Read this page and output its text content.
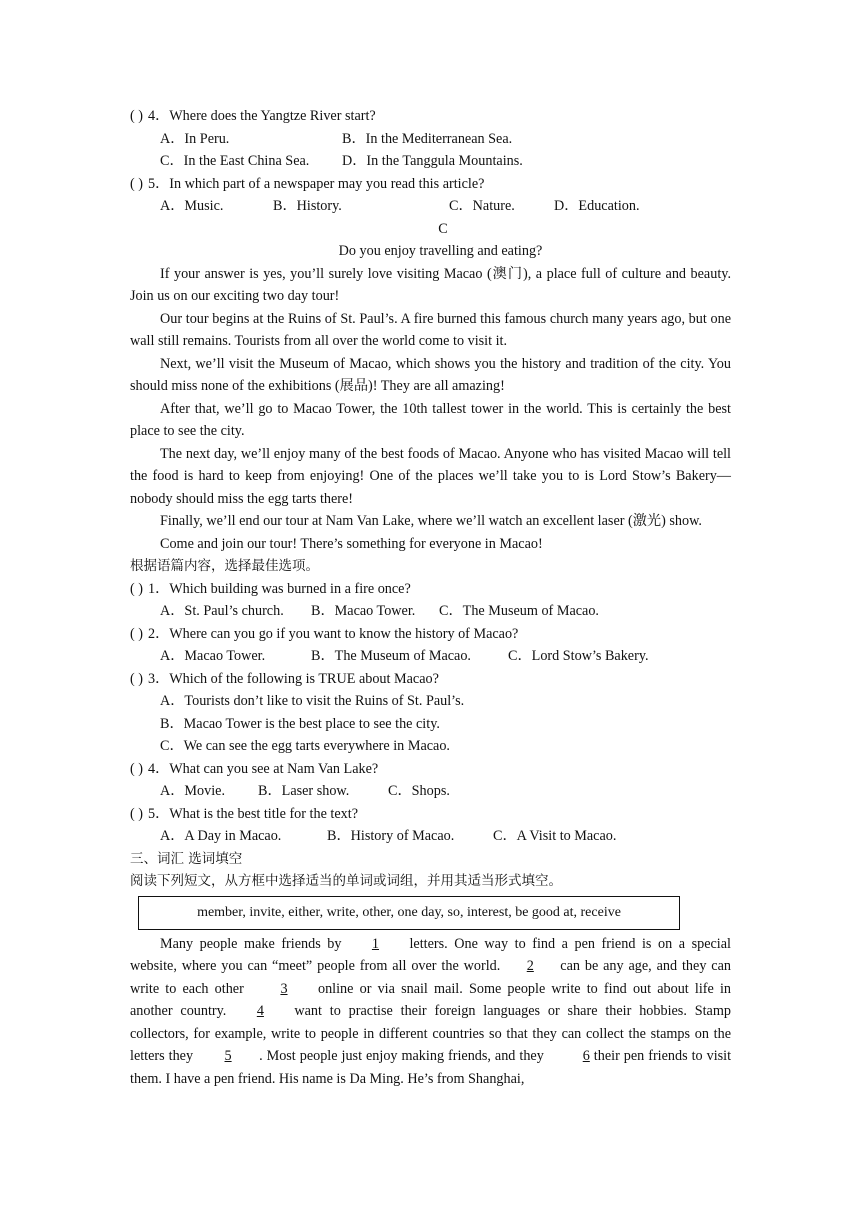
( ) 4．Where does the Yangtze River start?
A．In Peru.	B．In the Mediterranean Sea.
C．In the East China Sea.	D．In the Tanggula Mountains.
( ) 5．In which part of a newspaper may you read this article?
A．Music.	B．History.	C．Nature.	D．Education.
C
Do you enjoy travelling and eating?
If your answer is yes, you’ll surely love visiting Macao (澳门), a place full of culture and beauty. Join us on our exciting two day tour!
Our tour begins at the Ruins of St. Paul’s. A fire burned this famous church many years ago, but one wall still remains. Tourists from all over the world come to visit it.
Next, we’ll visit the Museum of Macao, which shows you the history and tradition of the city. You should miss none of the exhibitions (展品)! They are all amazing!
After that, we’ll go to Macao Tower, the 10th tallest tower in the world. This is certainly the best place to see the city.
The next day, we’ll enjoy many of the best foods of Macao. Anyone who has visited Macao will tell the food is hard to keep from enjoying! One of the places we’ll take you to is Lord Stow’s Bakery—nobody should miss the egg tarts there!
Finally, we’ll end our tour at Nam Van Lake, where we’ll watch an excellent laser (激光) show.
Come and join our tour! There’s something for everyone in Macao!
根据语篇内容，选择最佳选项。
( ) 1．Which building was burned in a fire once?
A．St. Paul’s church.	B．Macao Tower.	C．The Museum of Macao.
( ) 2．Where can you go if you want to know the history of Macao?
A．Macao Tower.	B．The Museum of Macao.	C．Lord Stow’s Bakery.
( ) 3．Which of the following is TRUE about Macao?
A．Tourists don’t like to visit the Ruins of St. Paul’s.
B．Macao Tower is the best place to see the city.
C．We can see the egg tarts everywhere in Macao.
( ) 4．What can you see at Nam Van Lake?
A．Movie.	B．Laser show.	C．Shops.
( ) 5．What is the best title for the text?
A．A Day in Macao.	B．History of Macao.	C．A Visit to Macao.
三、词汇 选词填空
阅读下列短文，从方框中选择适当的单词或词组，并用其适当形式填空。
member, invite, either, write, other, one day, so, interest, be good at, receive
Many people make friends by 1 letters. One way to find a pen friend is on a special website, where you can “meet” people from all over the world. 2 can be any age, and they can write to each other	3 online or via snail mail. Some people write to find out about life in another country. 4 want to practise their foreign languages or share their hobbies. Stamp collectors, for example, write to people in different countries so that they can collect the stamps on the letters they 5 . Most people just enjoy making friends, and they	6 their pen friends to visit them. I have a pen friend. His name is Da Ming. He’s from Shanghai,
